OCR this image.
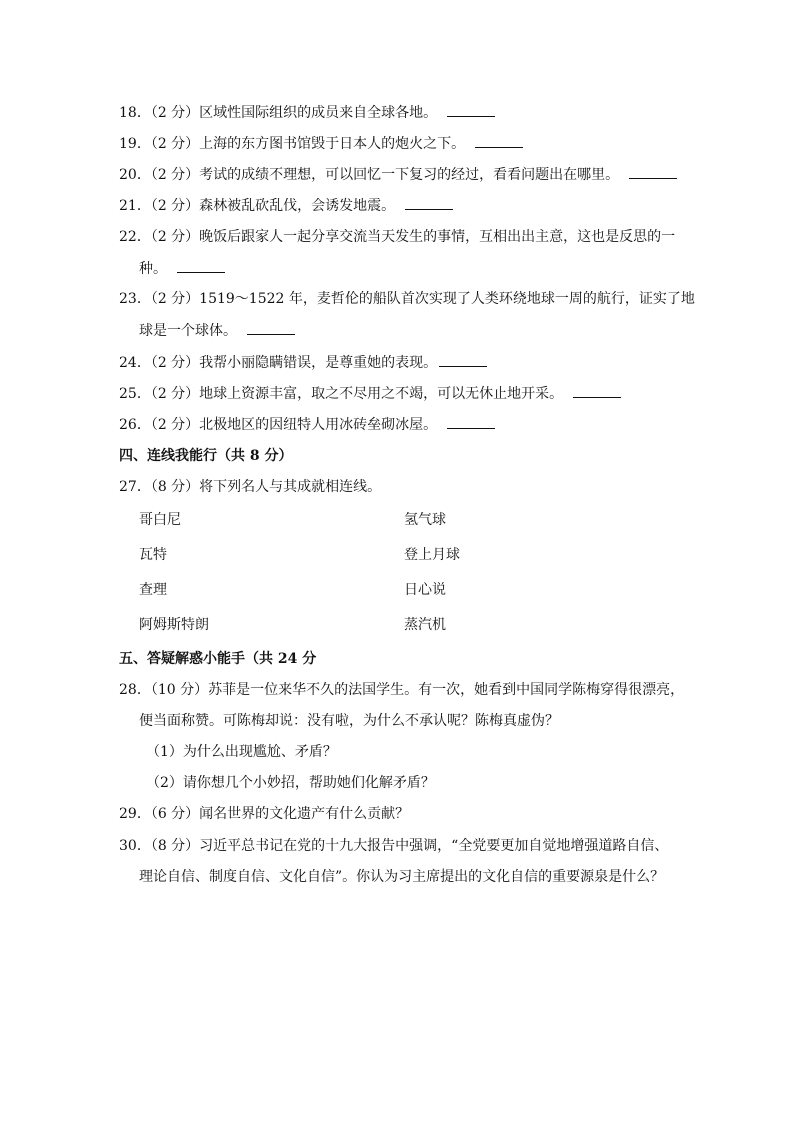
18．（2 分）区域性国际组织的成员来自全球各地。
19．（2 分）上海的东方图书馆毁于日本人的炮火之下。
20．（2 分）考试的成绩不理想，可以回忆一下复习的经过，看看问题出在哪里。
21．（2 分）森林被乱砍乱伐，会诱发地震。
22．（2 分）晚饭后跟家人一起分享交流当天发生的事情，互相出出主意，这也是反思的一
种。
23．（2 分）1519～1522 年，麦哲伦的船队首次实现了人类环绕地球一周的航行，证实了地
球是一个球体。
24．（2 分）我帮小丽隐瞒错误，是尊重她的表现。
25．（2 分）地球上资源丰富，取之不尽用之不竭，可以无休止地开采。
26．（2 分）北极地区的因纽特人用冰砖垒砌冰屋。
四、连线我能行（共 8 分）
27．（8 分）将下列名人与其成就相连线。
哥白尼	氢气球
瓦特	登上月球
查理	日心说
阿姆斯特朗	蒸汽机
五、答疑解惑小能手（共 24 分
28．（10 分）苏菲是一位来华不久的法国学生。有一次，她看到中国同学陈梅穿得很漂亮，
便当面称赞。可陈梅却说：没有啦，为什么不承认呢？陈梅真虚伪？
（1）为什么出现尴尬、矛盾？
（2）请你想几个小妙招，帮助她们化解矛盾？
29．（6 分）闻名世界的文化遗产有什么贡献？
30．（8 分）习近平总书记在党的十九大报告中强调，“全党要更加自觉地增强道路自信、
理论自信、制度自信、文化自信”。你认为习主席提出的文化自信的重要源泉是什么？
